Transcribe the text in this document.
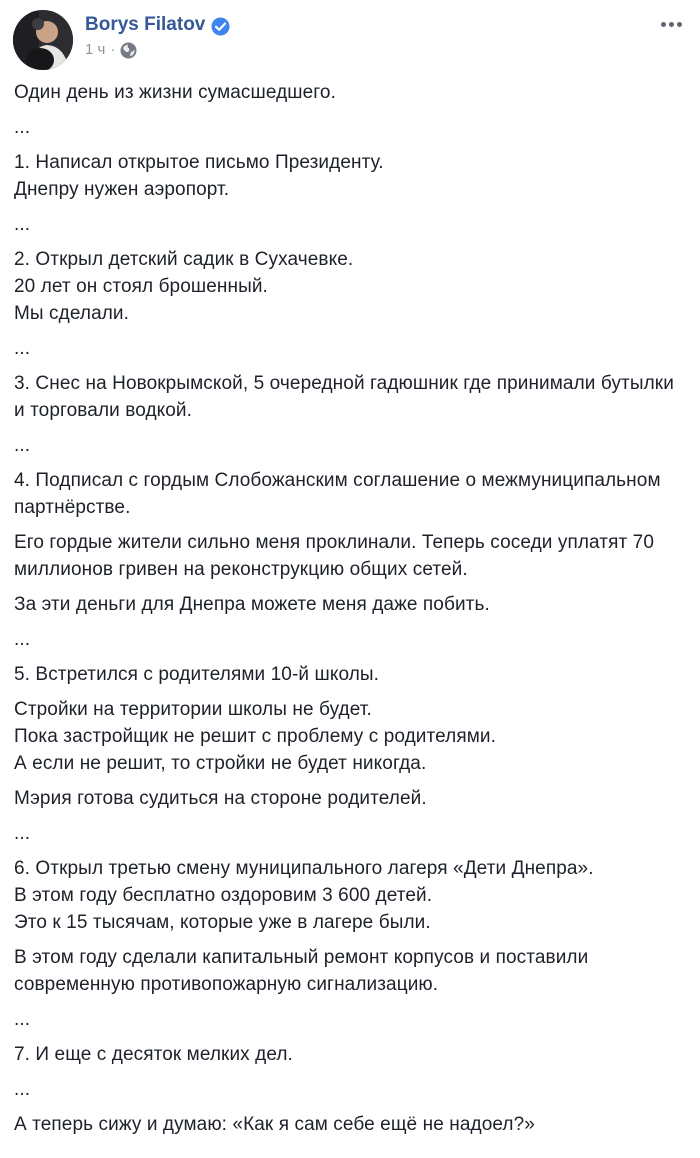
Borys Filatov
1 ч ·

Один день из жизни сумасшедшего.

...

1. Написал открытое письмо Президенту.
Днепру нужен аэропорт.

...

2. Открыл детский садик в Сухачевке.
20 лет он стоял брошенный.
Мы сделали.

...

3. Снес на Новокрымской, 5 очередной гадюшник где принимали бутылки и торговали водкой.

...

4. Подписал с гордым Слобожанским соглашение о межмуниципальном партнёрстве.

Его гордые жители сильно меня проклинали. Теперь соседи уплатят 70 миллионов гривен на реконструкцию общих сетей.

За эти деньги для Днепра можете меня даже побить.

...

5. Встретился с родителями 10-й школы.

Стройки на территории школы не будет.
Пока застройщик не решит с проблему с родителями.
А если не решит, то стройки не будет никогда.

Мэрия готова судиться на стороне родителей.

...

6. Открыл третью смену муниципального лагеря «Дети Днепра».
В этом году бесплатно оздоровим 3 600 детей.
Это к 15 тысячам, которые уже в лагере были.

В этом году сделали капитальный ремонт корпусов и поставили современную противопожарную сигнализацию.

...

7. И еще с десяток мелких дел.

...

А теперь сижу и думаю: «Как я сам себе ещё не надоел?»
